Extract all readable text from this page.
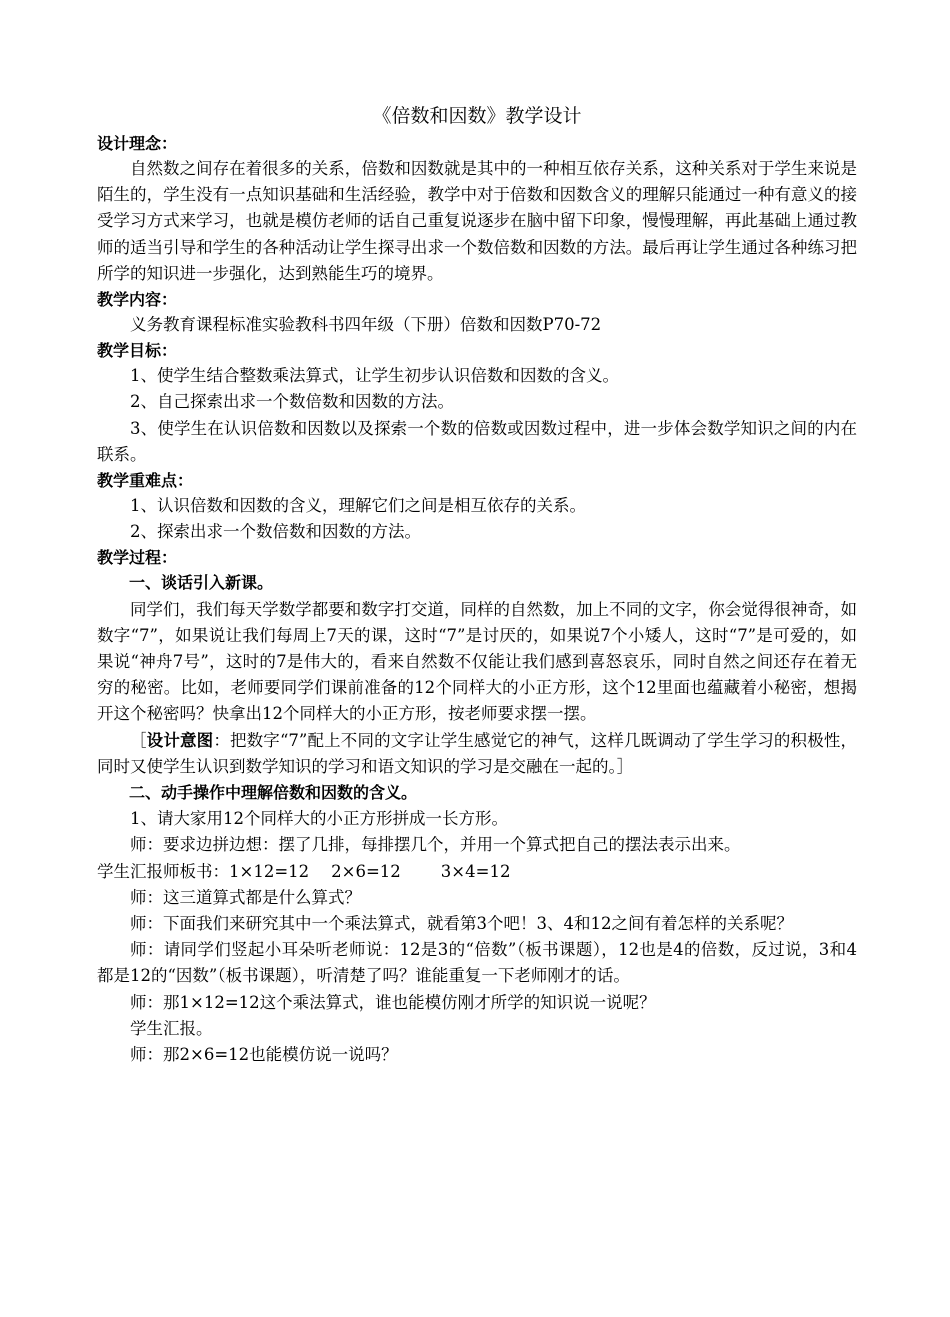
《倍数和因数》教学设计

设计理念：

自然数之间存在着很多的关系，倍数和因数就是其中的一种相互依存关系，这种关系对于学生来说是陌生的，学生没有一点知识基础和生活经验，教学中对于倍数和因数含义的理解只能通过一种有意义的接受学习方式来学习，也就是模仿老师的话自己重复说逐步在脑中留下印象，慢慢理解，再此基础上通过教师的适当引导和学生的各种活动让学生探寻出求一个数倍数和因数的方法。最后再让学生通过各种练习把所学的知识进一步强化，达到熟能生巧的境界。

教学内容：

义务教育课程标准实验教科书四年级（下册）倍数和因数P70-72

教学目标：

1、使学生结合整数乘法算式，让学生初步认识倍数和因数的含义。

2、自己探索出求一个数倍数和因数的方法。

3、使学生在认识倍数和因数以及探索一个数的倍数或因数过程中，进一步体会数学知识之间的内在联系。

教学重难点：

1、认识倍数和因数的含义，理解它们之间是相互依存的关系。

2、探索出求一个数倍数和因数的方法。

教学过程：

一、谈话引入新课。

同学们，我们每天学数学都要和数字打交道，同样的自然数，加上不同的文字，你会觉得很神奇，如数字“7”，如果说让我们每周上7天的课，这时“7”是讨厌的，如果说7个小矮人，这时“7”是可爱的，如果说“神舟7号”，这时的7是伟大的，看来自然数不仅能让我们感到喜怒哀乐，同时自然之间还存在着无穷的秘密。比如，老师要同学们课前准备的12个同样大的小正方形，这个12里面也蕴藏着小秘密，想揭开这个秘密吗？快拿出12个同样大的小正方形，按老师要求摆一摆。

［设计意图：把数字“7”配上不同的文字让学生感觉它的神气，这样几既调动了学生学习的积极性，同时又使学生认识到数学知识的学习和语文知识的学习是交融在一起的。］

二、动手操作中理解倍数和因数的含义。

1、请大家用12个同样大的小正方形拼成一长方形。

师：要求边拼边想：摆了几排，每排摆几个，并用一个算式把自己的摆法表示出来。

学生汇报师板书：1×12=12 2×6=12 3×4=12

师：这三道算式都是什么算式？

师：下面我们来研究其中一个乘法算式，就看第3个吧！3、4和12之间有着怎样的关系呢？

师：请同学们竖起小耳朵听老师说：12是3的“倍数”（板书课题），12也是4的倍数，反过说，3和4都是12的“因数”（板书课题），听清楚了吗？谁能重复一下老师刚才的话。

师：那1×12=12这个乘法算式，谁也能模仿刚才所学的知识说一说呢？

学生汇报。

师：那2×6=12也能模仿说一说吗？
